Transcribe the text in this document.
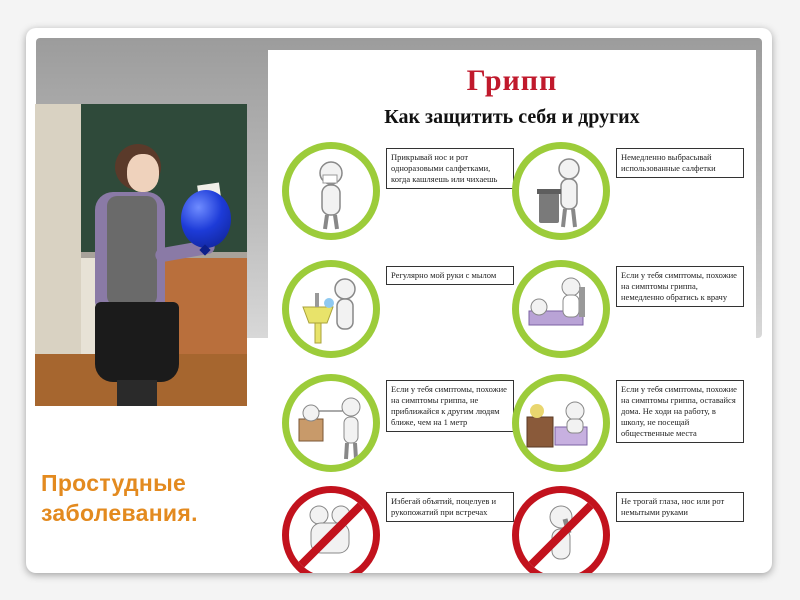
Простудные
заболевания.
Грипп
Как защитить себя и других
Прикрывай нос и рот одноразовыми салфетками, когда кашляешь или чихаешь
Немедленно выбрасывай использованные салфетки
Регулярно мой руки с мылом	Если у тебя симптомы, похожие на симптомы гриппа, немедленно обратись к врачу
Если у тебя симптомы, похожие на симптомы гриппа, не приближайся к другим людям ближе, чем на 1 метр
Если у тебя симптомы, похожие на симптомы гриппа, оставайся дома. Не ходи на работу, в школу, не посещай общественные места
Избегай объятий, поцелуев и рукопожатий при встречах
Не трогай глаза, нос или рот немытыми руками
